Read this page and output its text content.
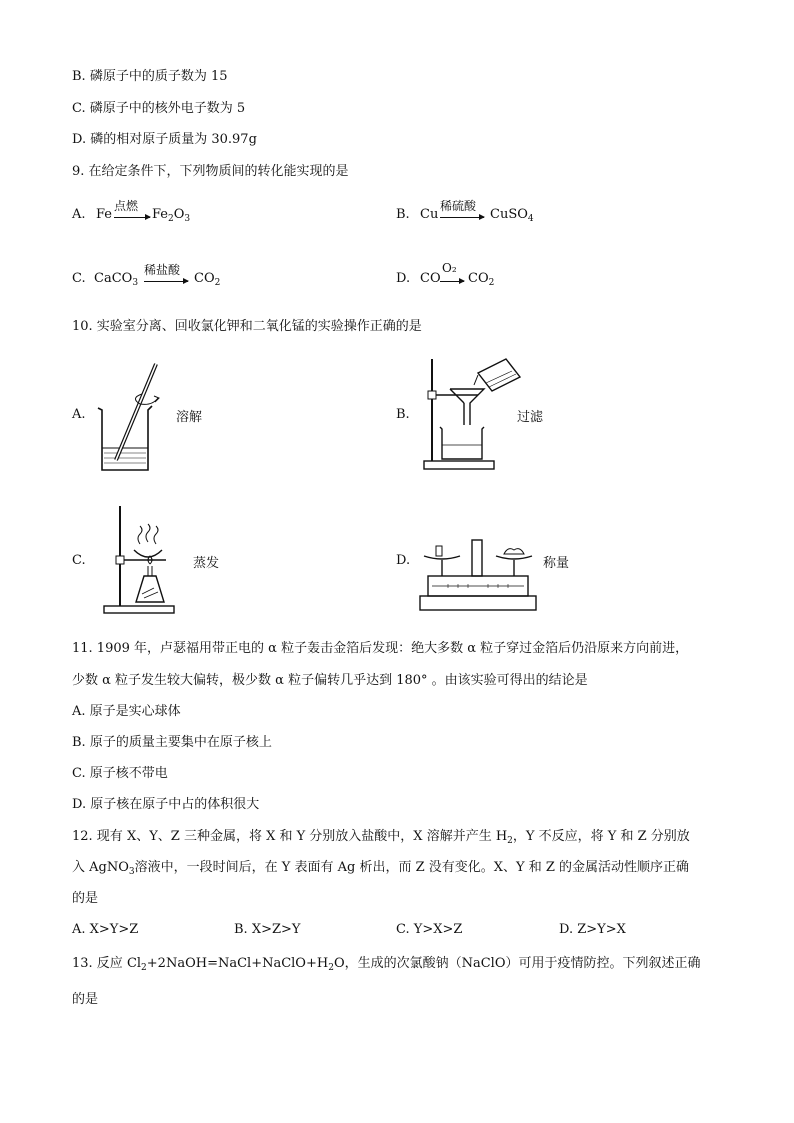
B. 磷原子中的质子数为 15
C. 磷原子中的核外电子数为 5
D. 磷的相对原子质量为 30.97g
9. 在给定条件下，下列物质间的转化能实现的是
A. Fe
点燃
→ $Fe_2O_3$	B. Cu
稀硫酸
→ CuSO$_4$
C. CaCO$_3$
稀盐酸
→ $CO_2$	D. CO
O₂
→ $CO_2$
10. 实验室分离、回收氯化钾和二氧化锰的实验操作正确的是
A.	溶解	B.	过滤
C.	蒸发	D.	称量
11. 1909 年，卢瑟福用带正电的 α 粒子轰击金箔后发现：绝大多数 α 粒子穿过金箔后仍沿原来方向前进，
少数 α 粒子发生较大偏转，极少数 α 粒子偏转几乎达到 180° 。由该实验可得出的结论是
A. 原子是实心球体
B. 原子的质量主要集中在原子核上
C. 原子核不带电
D. 原子核在原子中占的体积很大
12. 现有 X、Y、Z 三种金属，将 X 和 Y 分别放入盐酸中，X 溶解并产生 $H_2$，Y 不反应，将 Y 和 Z 分别放
入 AgNO$_3$溶液中，一段时间后，在 Y 表面有 Ag 析出，而 Z 没有变化。X、Y 和 Z 的金属活动性顺序正确
的是
A. X>Y>Z	B. X>Z>Y	C. Y>X>Z	D. Z>Y>X
13. 反应 $Cl_2+2NaOH=NaCl+NaClO+H_2O$，生成的次氯酸钠（NaClO）可用于疫情防控。下列叙述正确
的是
